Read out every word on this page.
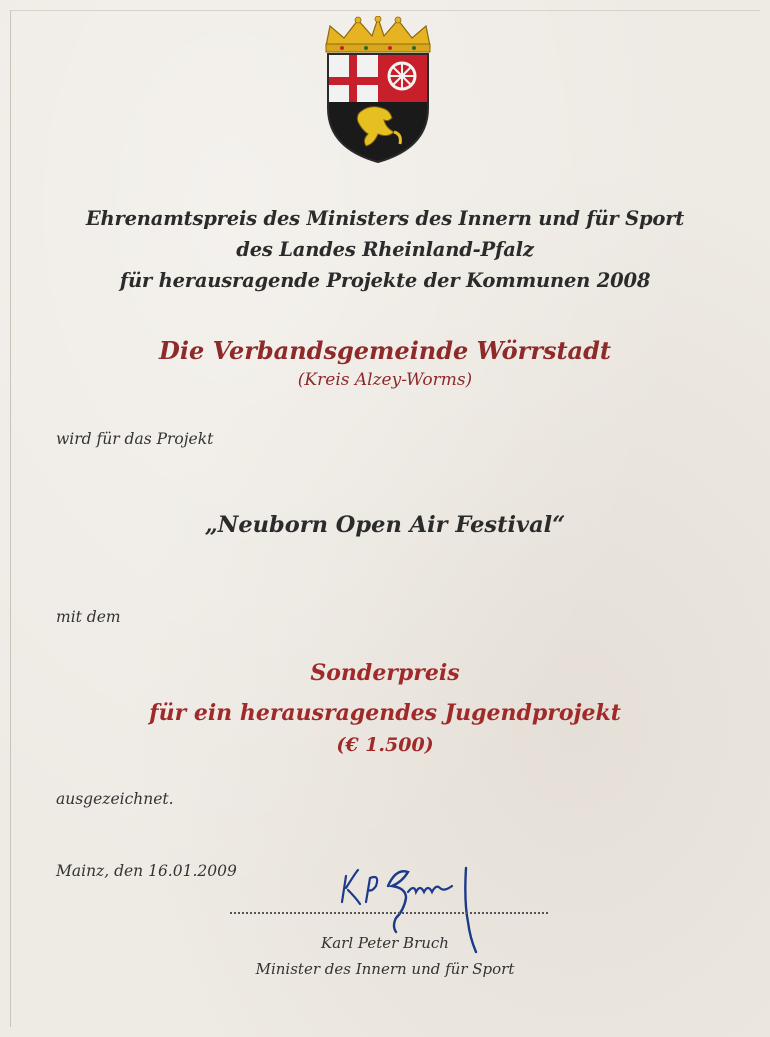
Ehrenamtspreis des Ministers des Innern und für Sport
des Landes Rheinland-Pfalz
für herausragende Projekte der Kommunen 2008
Die Verbandsgemeinde Wörrstadt
(Kreis Alzey-Worms)
wird für das Projekt
„Neuborn Open Air Festival“
mit dem
Sonderpreis
für ein herausragendes Jugendprojekt
(€ 1.500)
ausgezeichnet.
Mainz, den 16.01.2009	Kl. P. Bruch
Karl Peter Bruch
Minister des Innern und für Sport
